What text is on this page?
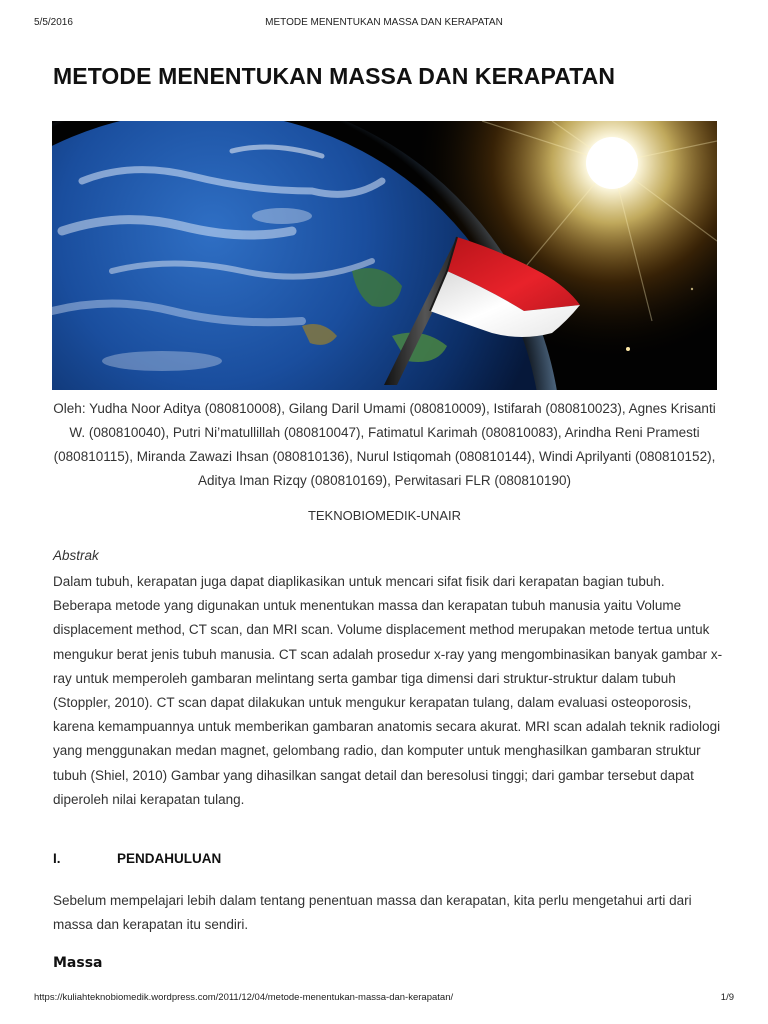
5/5/2016	METODE MENENTUKAN MASSA DAN KERAPATAN
METODE MENENTUKAN MASSA DAN KERAPATAN

Oleh: Yudha Noor Aditya (080810008), Gilang Daril Umami (080810009), Istifarah (080810023), Agnes Krisanti W. (080810040), Putri Ni’matullillah (080810047), Fatimatul Karimah (080810083), Arindha Reni Pramesti (080810115), Miranda Zawazi Ihsan (080810136), Nurul Istiqomah (080810144), Windi Aprilyanti (080810152), Aditya Iman Rizqy (080810169), Perwitasari FLR (080810190)

TEKNOBIOMEDIK-UNAIR
Abstrak

Dalam tubuh, kerapatan juga dapat diaplikasikan untuk mencari sifat fisik dari kerapatan bagian tubuh. Beberapa metode yang digunakan untuk menentukan massa dan kerapatan tubuh manusia yaitu Volume displacement method, CT scan, dan MRI scan. Volume displacement method merupakan metode tertua untuk mengukur berat jenis tubuh manusia. CT scan adalah prosedur x-ray yang mengombinasikan banyak gambar x-ray untuk memperoleh gambaran melintang serta gambar tiga dimensi dari struktur-struktur dalam tubuh (Stoppler, 2010). CT scan dapat dilakukan untuk mengukur kerapatan tulang, dalam evaluasi osteoporosis, karena kemampuannya untuk memberikan gambaran anatomis secara akurat. MRI scan adalah teknik radiologi yang menggunakan medan magnet, gelombang radio, dan komputer untuk menghasilkan gambaran struktur tubuh (Shiel, 2010) Gambar yang dihasilkan sangat detail dan beresolusi tinggi; dari gambar tersebut dapat diperoleh nilai kerapatan tulang.

I.	PENDAHULUAN

Sebelum mempelajari lebih dalam tentang penentuan massa dan kerapatan, kita perlu mengetahui arti dari massa dan kerapatan itu sendiri.

Massa
https://kuliahteknobiomedik.wordpress.com/2011/12/04/metode-menentukan-massa-dan-kerapatan/	1/9
